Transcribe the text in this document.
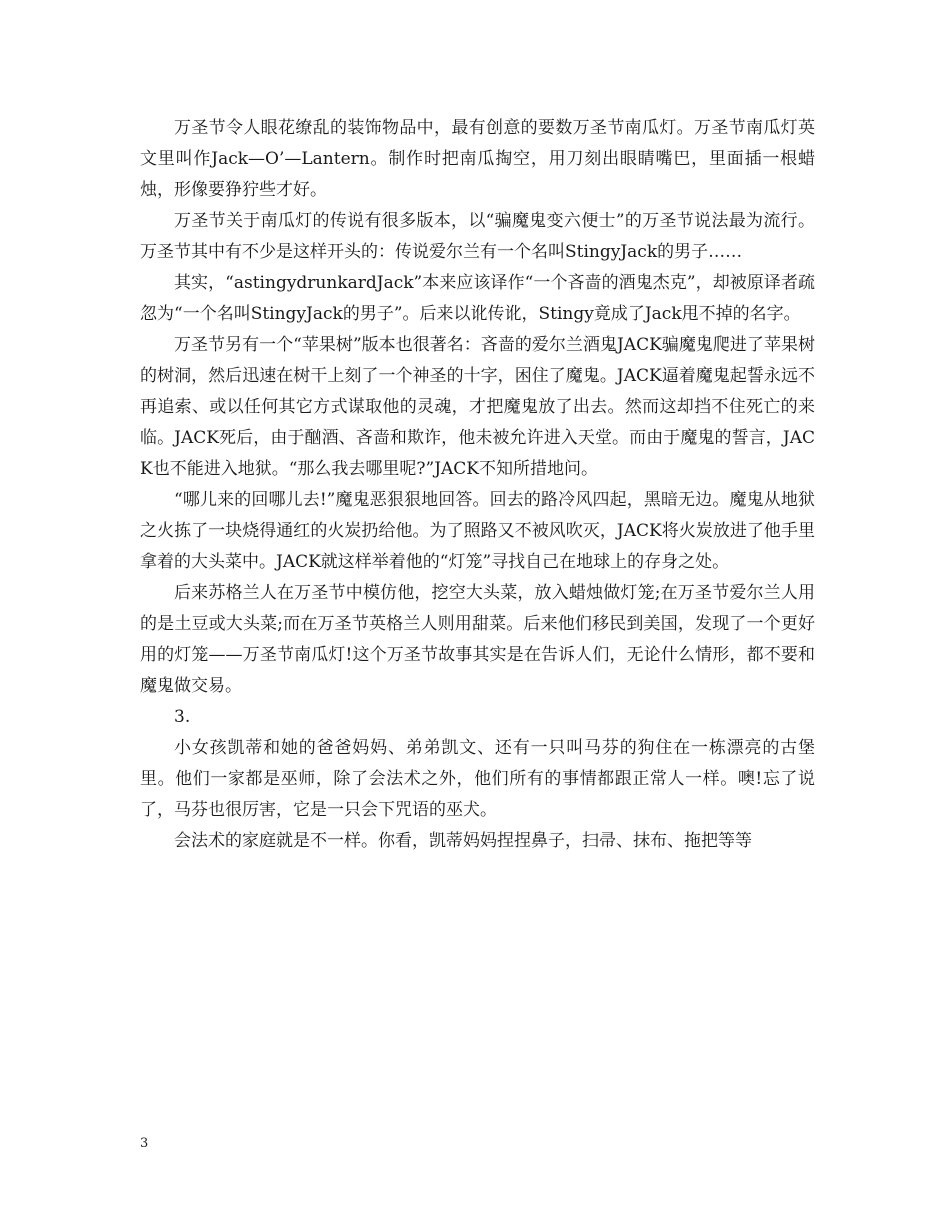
万圣节令人眼花缭乱的装饰物品中，最有创意的要数万圣节南瓜灯。万圣节南瓜灯英文里叫作Jack—O’—Lantern。制作时把南瓜掏空，用刀刻出眼睛嘴巴，里面插一根蜡烛，形像要狰狞些才好。

万圣节关于南瓜灯的传说有很多版本，以“骗魔鬼变六便士”的万圣节说法最为流行。万圣节其中有不少是这样开头的：传说爱尔兰有一个名叫StingyJack的男子……

其实，“astingydrunkardJack”本来应该译作“一个吝啬的酒鬼杰克”，却被原译者疏忽为“一个名叫StingyJack的男子”。后来以讹传讹，Stingy竟成了Jack甩不掉的名字。

万圣节另有一个“苹果树”版本也很著名：吝啬的爱尔兰酒鬼JACK骗魔鬼爬进了苹果树的树洞，然后迅速在树干上刻了一个神圣的十字，困住了魔鬼。JACK逼着魔鬼起誓永远不再追索、或以任何其它方式谋取他的灵魂，才把魔鬼放了出去。然而这却挡不住死亡的来临。JACK死后，由于酗酒、吝啬和欺诈，他未被允许进入天堂。而由于魔鬼的誓言，JACK也不能进入地狱。“那么我去哪里呢?”JACK不知所措地问。

“哪儿来的回哪儿去!”魔鬼恶狠狠地回答。回去的路冷风四起，黑暗无边。魔鬼从地狱之火拣了一块烧得通红的火炭扔给他。为了照路又不被风吹灭，JACK将火炭放进了他手里拿着的大头菜中。JACK就这样举着他的“灯笼”寻找自己在地球上的存身之处。

后来苏格兰人在万圣节中模仿他，挖空大头菜，放入蜡烛做灯笼;在万圣节爱尔兰人用的是土豆或大头菜;而在万圣节英格兰人则用甜菜。后来他们移民到美国，发现了一个更好用的灯笼——万圣节南瓜灯!这个万圣节故事其实是在告诉人们，无论什么情形，都不要和魔鬼做交易。

3.

小女孩凯蒂和她的爸爸妈妈、弟弟凯文、还有一只叫马芬的狗住在一栋漂亮的古堡里。他们一家都是巫师，除了会法术之外，他们所有的事情都跟正常人一样。噢!忘了说了，马芬也很厉害，它是一只会下咒语的巫犬。

会法术的家庭就是不一样。你看，凯蒂妈妈捏捏鼻子，扫帚、抹布、拖把等等

3
